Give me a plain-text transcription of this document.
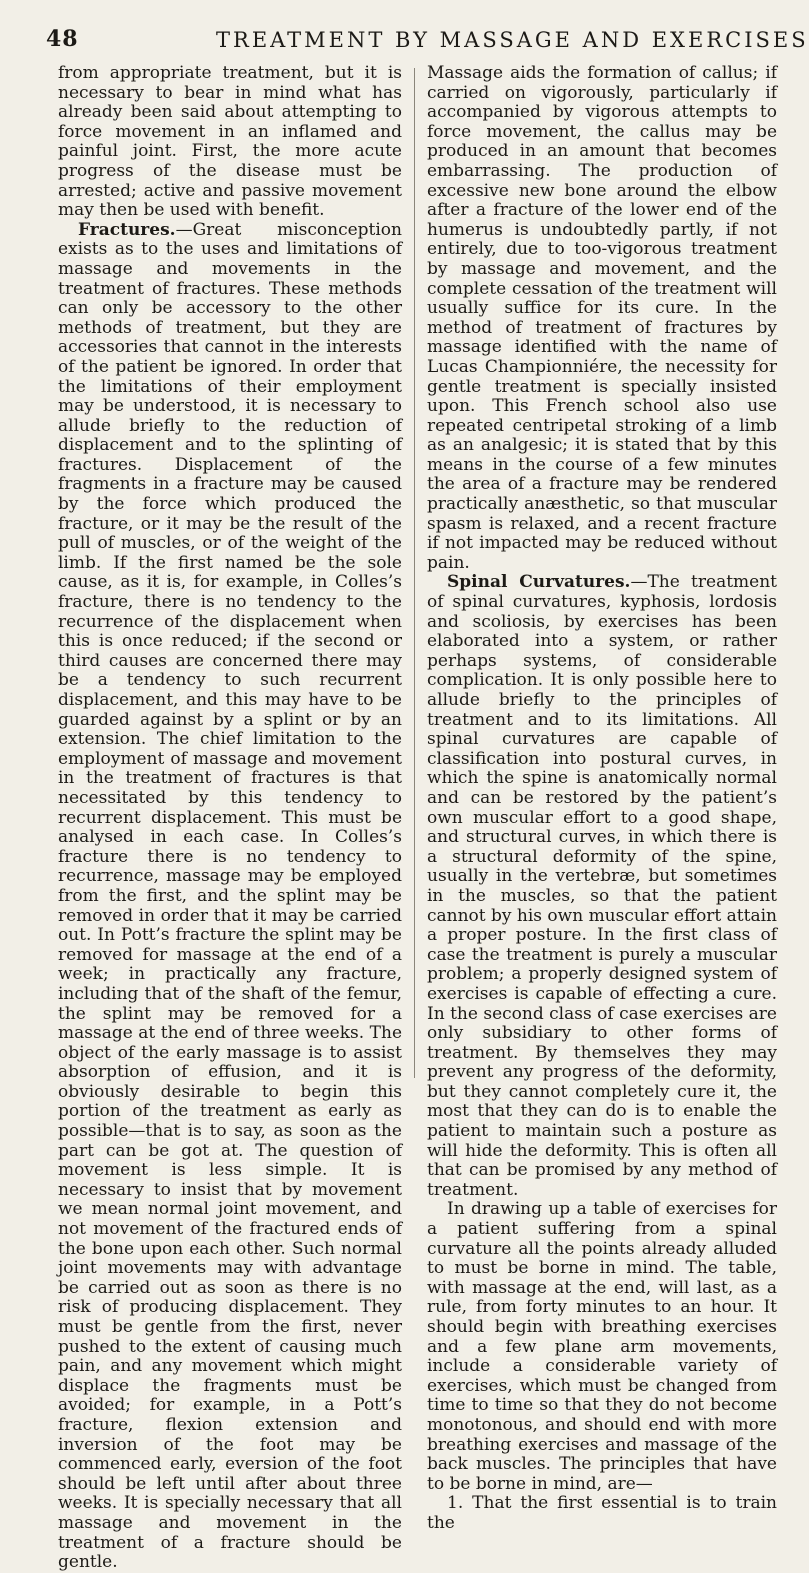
48	TREATMENT BY MASSAGE AND EXERCISES

from appropriate treatment, but it is necessary to bear in mind what has already been said about attempting to force movement in an inflamed and painful joint. First, the more acute progress of the disease must be arrested; active and passive movement may then be used with benefit.

Fractures.—Great misconception exists as to the uses and limitations of massage and movements in the treatment of fractures. These methods can only be accessory to the other methods of treatment, but they are accessories that cannot in the interests of the patient be ignored. In order that the limitations of their employment may be understood, it is necessary to allude briefly to the reduction of displacement and to the splinting of fractures. Displacement of the fragments in a fracture may be caused by the force which produced the fracture, or it may be the result of the pull of muscles, or of the weight of the limb. If the first named be the sole cause, as it is, for example, in Colles’s fracture, there is no tendency to the recurrence of the displacement when this is once reduced; if the second or third causes are concerned there may be a tendency to such recurrent displacement, and this may have to be guarded against by a splint or by an extension. The chief limitation to the employment of massage and movement in the treatment of fractures is that necessitated by this tendency to recurrent displacement. This must be analysed in each case. In Colles’s fracture there is no tendency to recurrence, massage may be employed from the first, and the splint may be removed in order that it may be carried out. In Pott’s fracture the splint may be removed for massage at the end of a week; in practically any fracture, including that of the shaft of the femur, the splint may be removed for a massage at the end of three weeks. The object of the early massage is to assist absorption of effusion, and it is obviously desirable to begin this portion of the treatment as early as possible—that is to say, as soon as the part can be got at. The question of movement is less simple. It is necessary to insist that by movement we mean normal joint movement, and not movement of the fractured ends of the bone upon each other. Such normal joint movements may with advantage be carried out as soon as there is no risk of producing displacement. They must be gentle from the first, never pushed to the extent of causing much pain, and any movement which might displace the fragments must be avoided; for example, in a Pott’s fracture, flexion extension and inversion of the foot may be commenced early, eversion of the foot should be left until after about three weeks. It is specially necessary that all massage and movement in the treatment of a fracture should be gentle.

Massage aids the formation of callus; if carried on vigorously, particularly if accompanied by vigorous attempts to force movement, the callus may be produced in an amount that becomes embarrassing. The production of excessive new bone around the elbow after a fracture of the lower end of the humerus is undoubtedly partly, if not entirely, due to too-vigorous treatment by massage and movement, and the complete cessation of the treatment will usually suffice for its cure. In the method of treatment of fractures by massage identified with the name of Lucas Championniére, the necessity for gentle treatment is specially insisted upon. This French school also use repeated centripetal stroking of a limb as an analgesic; it is stated that by this means in the course of a few minutes the area of a fracture may be rendered practically anæsthetic, so that muscular spasm is relaxed, and a recent fracture if not impacted may be reduced without pain.

Spinal Curvatures.—The treatment of spinal curvatures, kyphosis, lordosis and scoliosis, by exercises has been elaborated into a system, or rather perhaps systems, of considerable complication. It is only possible here to allude briefly to the principles of treatment and to its limitations. All spinal curvatures are capable of classification into postural curves, in which the spine is anatomically normal and can be restored by the patient’s own muscular effort to a good shape, and structural curves, in which there is a structural deformity of the spine, usually in the vertebræ, but sometimes in the muscles, so that the patient cannot by his own muscular effort attain a proper posture. In the first class of case the treatment is purely a muscular problem; a properly designed system of exercises is capable of effecting a cure. In the second class of case exercises are only subsidiary to other forms of treatment. By themselves they may prevent any progress of the deformity, but they cannot completely cure it, the most that they can do is to enable the patient to maintain such a posture as will hide the deformity. This is often all that can be promised by any method of treatment.

In drawing up a table of exercises for a patient suffering from a spinal curvature all the points already alluded to must be borne in mind. The table, with massage at the end, will last, as a rule, from forty minutes to an hour. It should begin with breathing exercises and a few plane arm movements, include a considerable variety of exercises, which must be changed from time to time so that they do not become monotonous, and should end with more breathing exercises and massage of the back muscles. The principles that have to be borne in mind, are—

1. That the first essential is to train the
